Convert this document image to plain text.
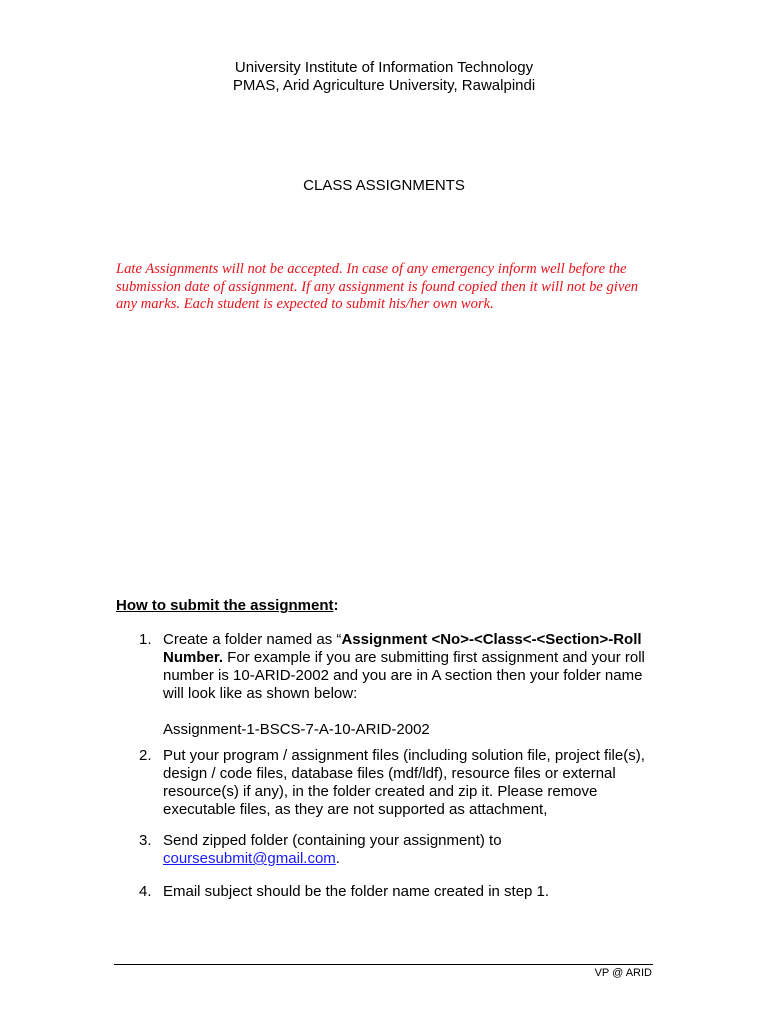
University Institute of Information Technology
PMAS, Arid Agriculture University, Rawalpindi
CLASS ASSIGNMENTS
Late Assignments will not be accepted. In case of any emergency inform well before the submission date of assignment. If any assignment is found copied then it will not be given any marks. Each student is expected to submit his/her own work.
How to submit the assignment:
1. Create a folder named as “Assignment <No>-<Class<-<Section>-Roll Number. For example if you are submitting first assignment and your roll number is 10-ARID-2002 and you are in A section then your folder name will look like as shown below:
Assignment-1-BSCS-7-A-10-ARID-2002
2. Put your program / assignment files (including solution file, project file(s), design / code files, database files (mdf/ldf), resource files or external resource(s) if any), in the folder created and zip it. Please remove executable files, as they are not supported as attachment,
3. Send zipped folder (containing your assignment) to coursesubmit@gmail.com.
4. Email subject should be the folder name created in step 1.
VP @ ARID
